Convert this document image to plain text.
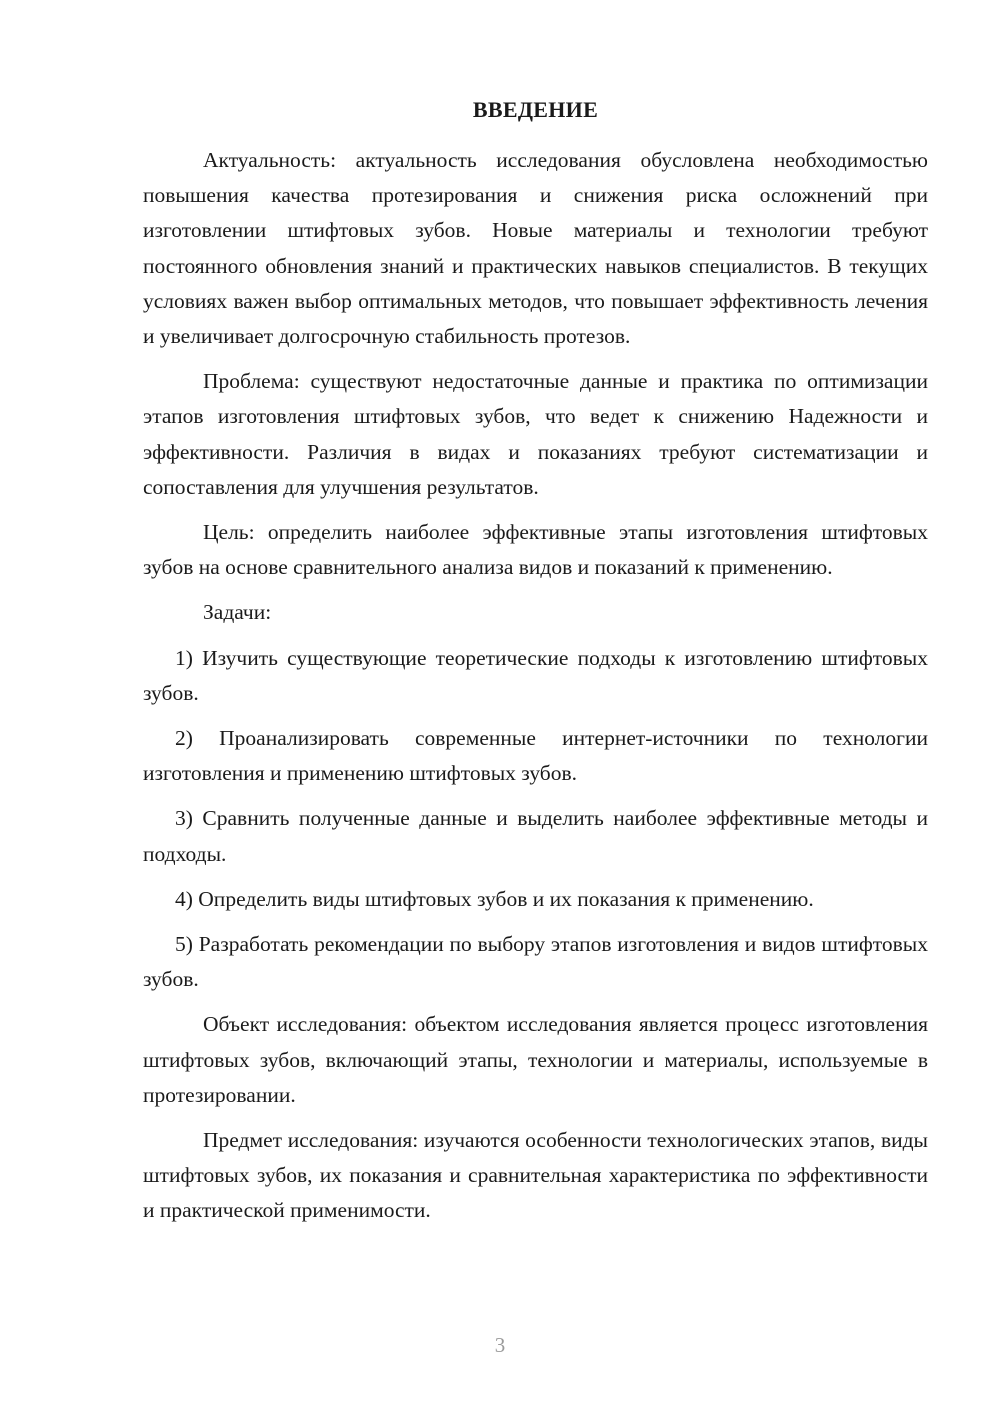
ВВЕДЕНИЕ

Актуальность: актуальность исследования обусловлена необходимостью повышения качества протезирования и снижения риска осложнений при изготовлении штифтовых зубов. Новые материалы и технологии требуют постоянного обновления знаний и практических навыков специалистов. В текущих условиях важен выбор оптимальных методов, что повышает эффективность лечения и увеличивает долгосрочную стабильность протезов.

Проблема: существуют недостаточные данные и практика по оптимизации этапов изготовления штифтовых зубов, что ведет к снижению Надежности и эффективности. Различия в видах и показаниях требуют систематизации и сопоставления для улучшения результатов.

Цель: определить наиболее эффективные этапы изготовления штифтовых зубов на основе сравнительного анализа видов и показаний к применению.

Задачи:

1) Изучить существующие теоретические подходы к изготовлению штифтовых зубов.

2) Проанализировать современные интернет-источники по технологии изготовления и применению штифтовых зубов.

3) Сравнить полученные данные и выделить наиболее эффективные методы и подходы.

4) Определить виды штифтовых зубов и их показания к применению.

5) Разработать рекомендации по выбору этапов изготовления и видов штифтовых зубов.

Объект исследования: объектом исследования является процесс изготовления штифтовых зубов, включающий этапы, технологии и материалы, используемые в протезировании.

Предмет исследования: изучаются особенности технологических этапов, виды штифтовых зубов, их показания и сравнительная характеристика по эффективности и практической применимости.

3
